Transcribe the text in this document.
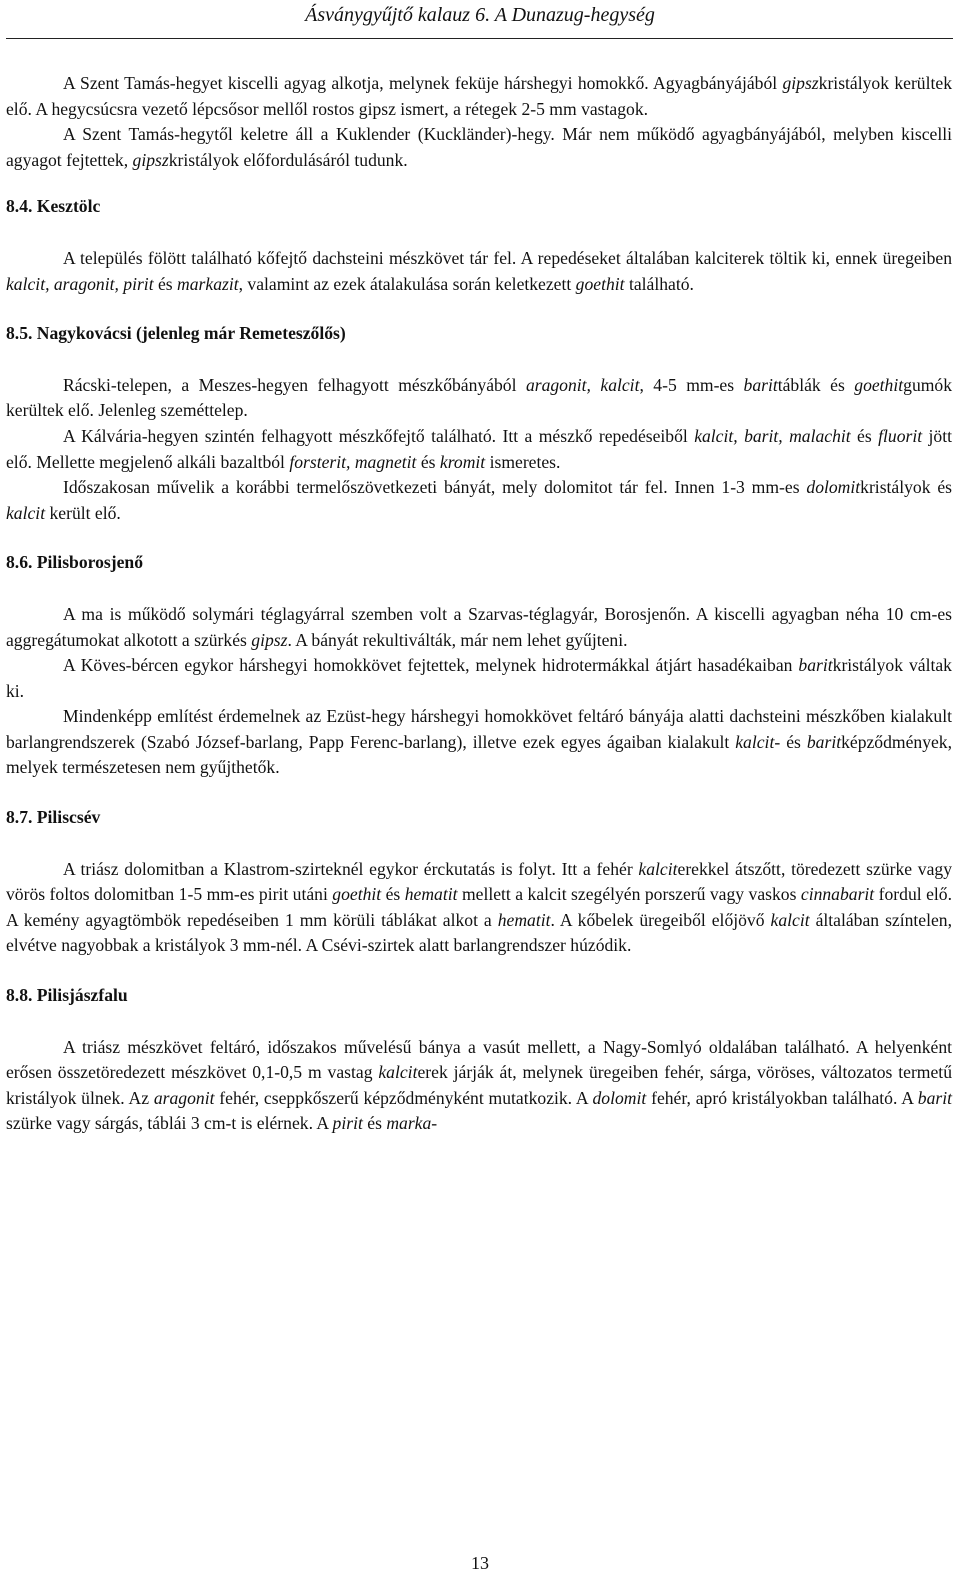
Ásványgyűjtő kalauz 6. A Dunazug-hegység

A Szent Tamás-hegyet kiscelli agyag alkotja, melynek feküje hárshegyi homokkő. Agyagbányájából gipszkristályok kerültek elő. A hegycsúcsra vezető lépcsősor mellől rostos gipsz ismert, a rétegek 2-5 mm vastagok.

A Szent Tamás-hegytől keletre áll a Kuklender (Kuckländer)-hegy. Már nem működő agyagbányájából, melyben kiscelli agyagot fejtettek, gipszkristályok előfordulásáról tudunk.

8.4. Kesztölc

A település fölött található kőfejtő dachsteini mészkövet tár fel. A repedéseket általában kalciterek töltik ki, ennek üregeiben kalcit, aragonit, pirit és markazit, valamint az ezek átalakulása során keletkezett goethit található.

8.5. Nagykovácsi (jelenleg már Remeteszőlős)

Rácski-telepen, a Meszes-hegyen felhagyott mészkőbányából aragonit, kalcit, 4-5 mm-es barittáblák és goethitgumók kerültek elő. Jelenleg szeméttelep.

A Kálvária-hegyen szintén felhagyott mészkőfejtő található. Itt a mészkő repedéseiből kalcit, barit, malachit és fluorit jött elő. Mellette megjelenő alkáli bazaltból forsterit, magnetit és kromit ismeretes.

Időszakosan művelik a korábbi termelőszövetkezeti bányát, mely dolomitot tár fel. Innen 1-3 mm-es dolomitkristályok és kalcit került elő.

8.6. Pilisborosjenő

A ma is működő solymári téglagyárral szemben volt a Szarvas-téglagyár, Borosjenőn. A kiscelli agyagban néha 10 cm-es aggregátumokat alkotott a szürkés gipsz. A bányát rekultiválták, már nem lehet gyűjteni.

A Köves-bércen egykor hárshegyi homokkövet fejtettek, melynek hidrotermákkal átjárt hasadékaiban baritkristályok váltak ki.

Mindenképp említést érdemelnek az Ezüst-hegy hárshegyi homokkövet feltáró bányája alatti dachsteini mészkőben kialakult barlangrendszerek (Szabó József-barlang, Papp Ferenc-barlang), illetve ezek egyes ágaiban kialakult kalcit- és baritképződmények, melyek természetesen nem gyűjthetők.

8.7. Piliscsév

A triász dolomitban a Klastrom-szirteknél egykor érckutatás is folyt. Itt a fehér kalciterekkel átszőtt, töredezett szürke vagy vörös foltos dolomitban 1-5 mm-es pirit utáni goethit és hematit mellett a kalcit szegélyén porszerű vagy vaskos cinnabarit fordul elő. A kemény agyagtömbök repedéseiben 1 mm körüli táblákat alkot a hematit. A kőbelek üregeiből előjövő kalcit általában színtelen, elvétve nagyobbak a kristályok 3 mm-nél. A Csévi-szirtek alatt barlangrendszer húzódik.

8.8. Pilisjászfalu

A triász mészkövet feltáró, időszakos művelésű bánya a vasút mellett, a Nagy-Somlyó oldalában található. A helyenként erősen összetöredezett mészkövet 0,1-0,5 m vastag kalciterek járják át, melynek üregeiben fehér, sárga, vöröses, változatos termetű kristályok ülnek. Az aragonit fehér, cseppkőszerű képződményként mutatkozik. A dolomit fehér, apró kristályokban található. A barit szürke vagy sárgás, táblái 3 cm-t is elérnek. A pirit és marka-

13
